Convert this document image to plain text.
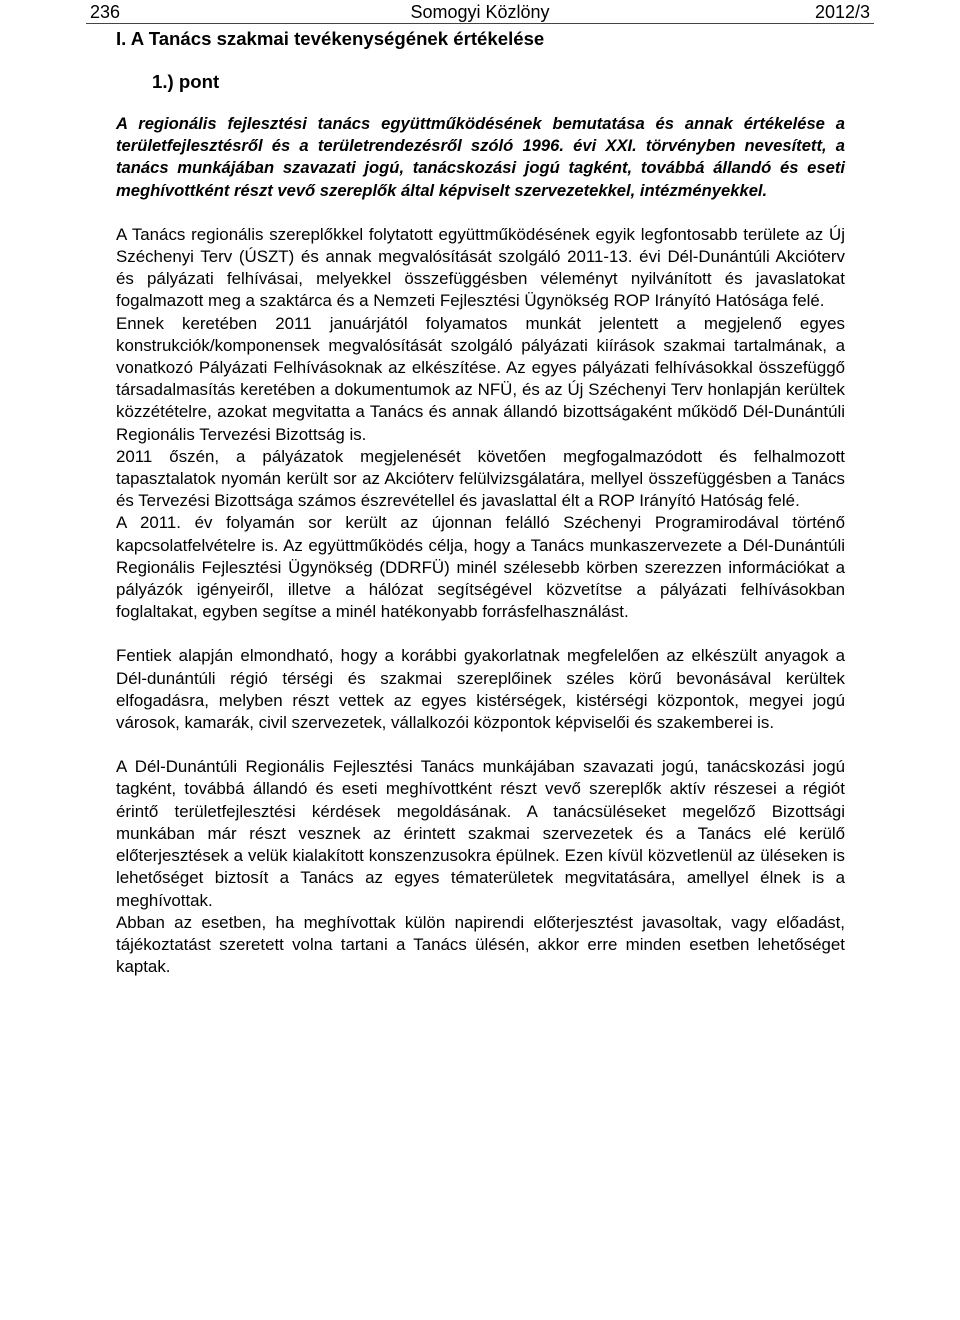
236	Somogyi Közlöny	2012/3
I. A Tanács szakmai tevékenységének értékelése
1.) pont

A regionális fejlesztési tanács együttműködésének bemutatása és annak értékelése a területfejlesztésről és a területrendezésről szóló 1996. évi XXI. törvényben nevesített, a tanács munkájában szavazati jogú, tanácskozási jogú tagként, továbbá állandó és eseti meghívottként részt vevő szereplők által képviselt szervezetekkel, intézményekkel.

A Tanács regionális szereplőkkel folytatott együttműködésének egyik legfontosabb területe az Új Széchenyi Terv (ÚSZT) és annak megvalósítását szolgáló 2011-13. évi Dél-Dunántúli Akcióterv és pályázati felhívásai, melyekkel összefüggésben véleményt nyilvánított és javaslatokat fogalmazott meg a szaktárca és a Nemzeti Fejlesztési Ügynökség ROP Irányító Hatósága felé.

Ennek keretében 2011 januárjától folyamatos munkát jelentett a megjelenő egyes konstrukciók/komponensek megvalósítását szolgáló pályázati kiírások szakmai tartalmának, a vonatkozó Pályázati Felhívásoknak az elkészítése. Az egyes pályázati felhívásokkal összefüggő társadalmasítás keretében a dokumentumok az NFÜ, és az Új Széchenyi Terv honlapján kerültek közzétételre, azokat megvitatta a Tanács és annak állandó bizottságaként működő Dél-Dunántúli Regionális Tervezési Bizottság is.

2011 őszén, a pályázatok megjelenését követően megfogalmazódott és felhalmozott tapasztalatok nyomán került sor az Akcióterv felülvizsgálatára, mellyel összefüggésben a Tanács és Tervezési Bizottsága számos észrevétellel és javaslattal élt a ROP Irányító Hatóság felé.

A 2011. év folyamán sor került az újonnan felálló Széchenyi Programirodával történő kapcsolatfelvételre is. Az együttműködés célja, hogy a Tanács munkaszervezete a Dél-Dunántúli Regionális Fejlesztési Ügynökség (DDRFÜ) minél szélesebb körben szerezzen információkat a pályázók igényeiről, illetve a hálózat segítségével közvetítse a pályázati felhívásokban foglaltakat, egyben segítse a minél hatékonyabb forrásfelhasználást.

Fentiek alapján elmondható, hogy a korábbi gyakorlatnak megfelelően az elkészült anyagok a Dél-dunántúli régió térségi és szakmai szereplőinek széles körű bevonásával kerültek elfogadásra, melyben részt vettek az egyes kistérségek, kistérségi központok, megyei jogú városok, kamarák, civil szervezetek, vállalkozói központok képviselői és szakemberei is.

A Dél-Dunántúli Regionális Fejlesztési Tanács munkájában szavazati jogú, tanácskozási jogú tagként, továbbá állandó és eseti meghívottként részt vevő szereplők aktív részesei a régiót érintő területfejlesztési kérdések megoldásának. A tanácsüléseket megelőző Bizottsági munkában már részt vesznek az érintett szakmai szervezetek és a Tanács elé kerülő előterjesztések a velük kialakított konszenzusokra épülnek. Ezen kívül közvetlenül az üléseken is lehetőséget biztosít a Tanács az egyes tématerületek megvitatására, amellyel élnek is a meghívottak.

Abban az esetben, ha meghívottak külön napirendi előterjesztést javasoltak, vagy előadást, tájékoztatást szeretett volna tartani a Tanács ülésén, akkor erre minden esetben lehetőséget kaptak.
